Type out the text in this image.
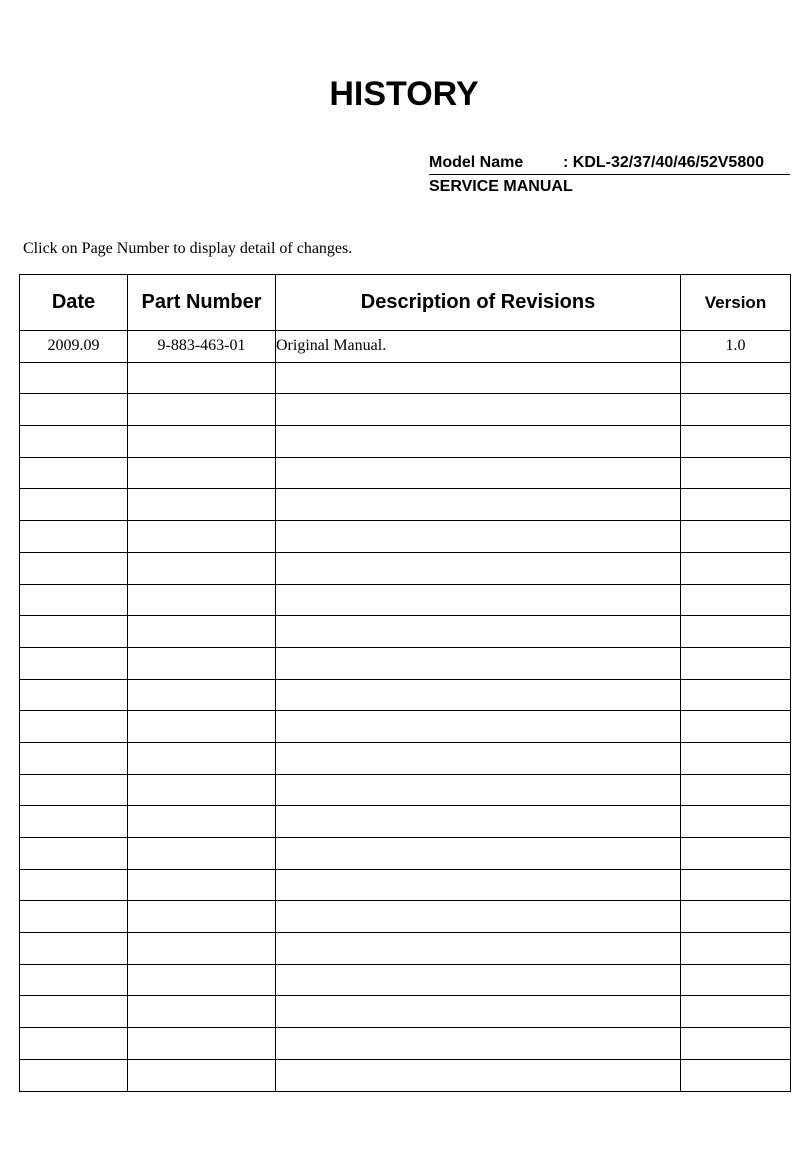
HISTORY
Model Name : KDL-32/37/40/46/52V5800
SERVICE MANUAL

Click on Page Number to display detail of changes.

Date	Part Number	Description of Revisions	Version
2009.09	9-883-463-01	Original Manual.	1.0
